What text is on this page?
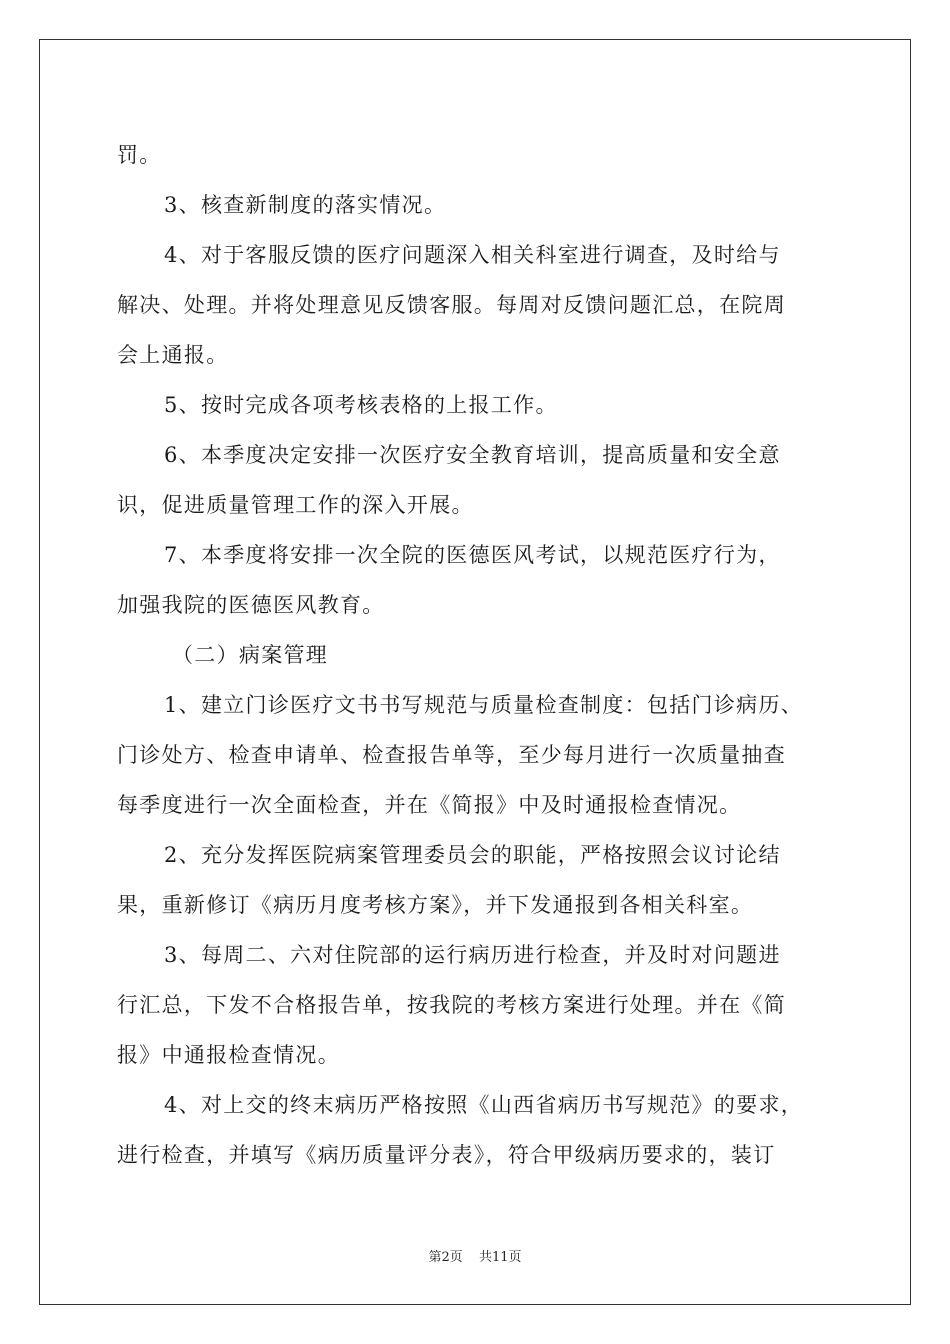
罚。
3、核查新制度的落实情况。
4、对于客服反馈的医疗问题深入相关科室进行调查，及时给与
解决、处理。并将处理意见反馈客服。每周对反馈问题汇总，在院周
会上通报。
5、按时完成各项考核表格的上报工作。
6、本季度决定安排一次医疗安全教育培训，提高质量和安全意
识，促进质量管理工作的深入开展。
7、本季度将安排一次全院的医德医风考试，以规范医疗行为，
加强我院的医德医风教育。
（二）病案管理
1、建立门诊医疗文书书写规范与质量检查制度：包括门诊病历、
门诊处方、检查申请单、检查报告单等，至少每月进行一次质量抽查
每季度进行一次全面检查，并在《简报》中及时通报检查情况。
2、充分发挥医院病案管理委员会的职能，严格按照会议讨论结
果，重新修订《病历月度考核方案》，并下发通报到各相关科室。
3、每周二、六对住院部的运行病历进行检查，并及时对问题进
行汇总，下发不合格报告单，按我院的考核方案进行处理。并在《简
报》中通报检查情况。
4、对上交的终末病历严格按照《山西省病历书写规范》的要求，
进行检查，并填写《病历质量评分表》，符合甲级病历要求的，装订
第2页 共11页
